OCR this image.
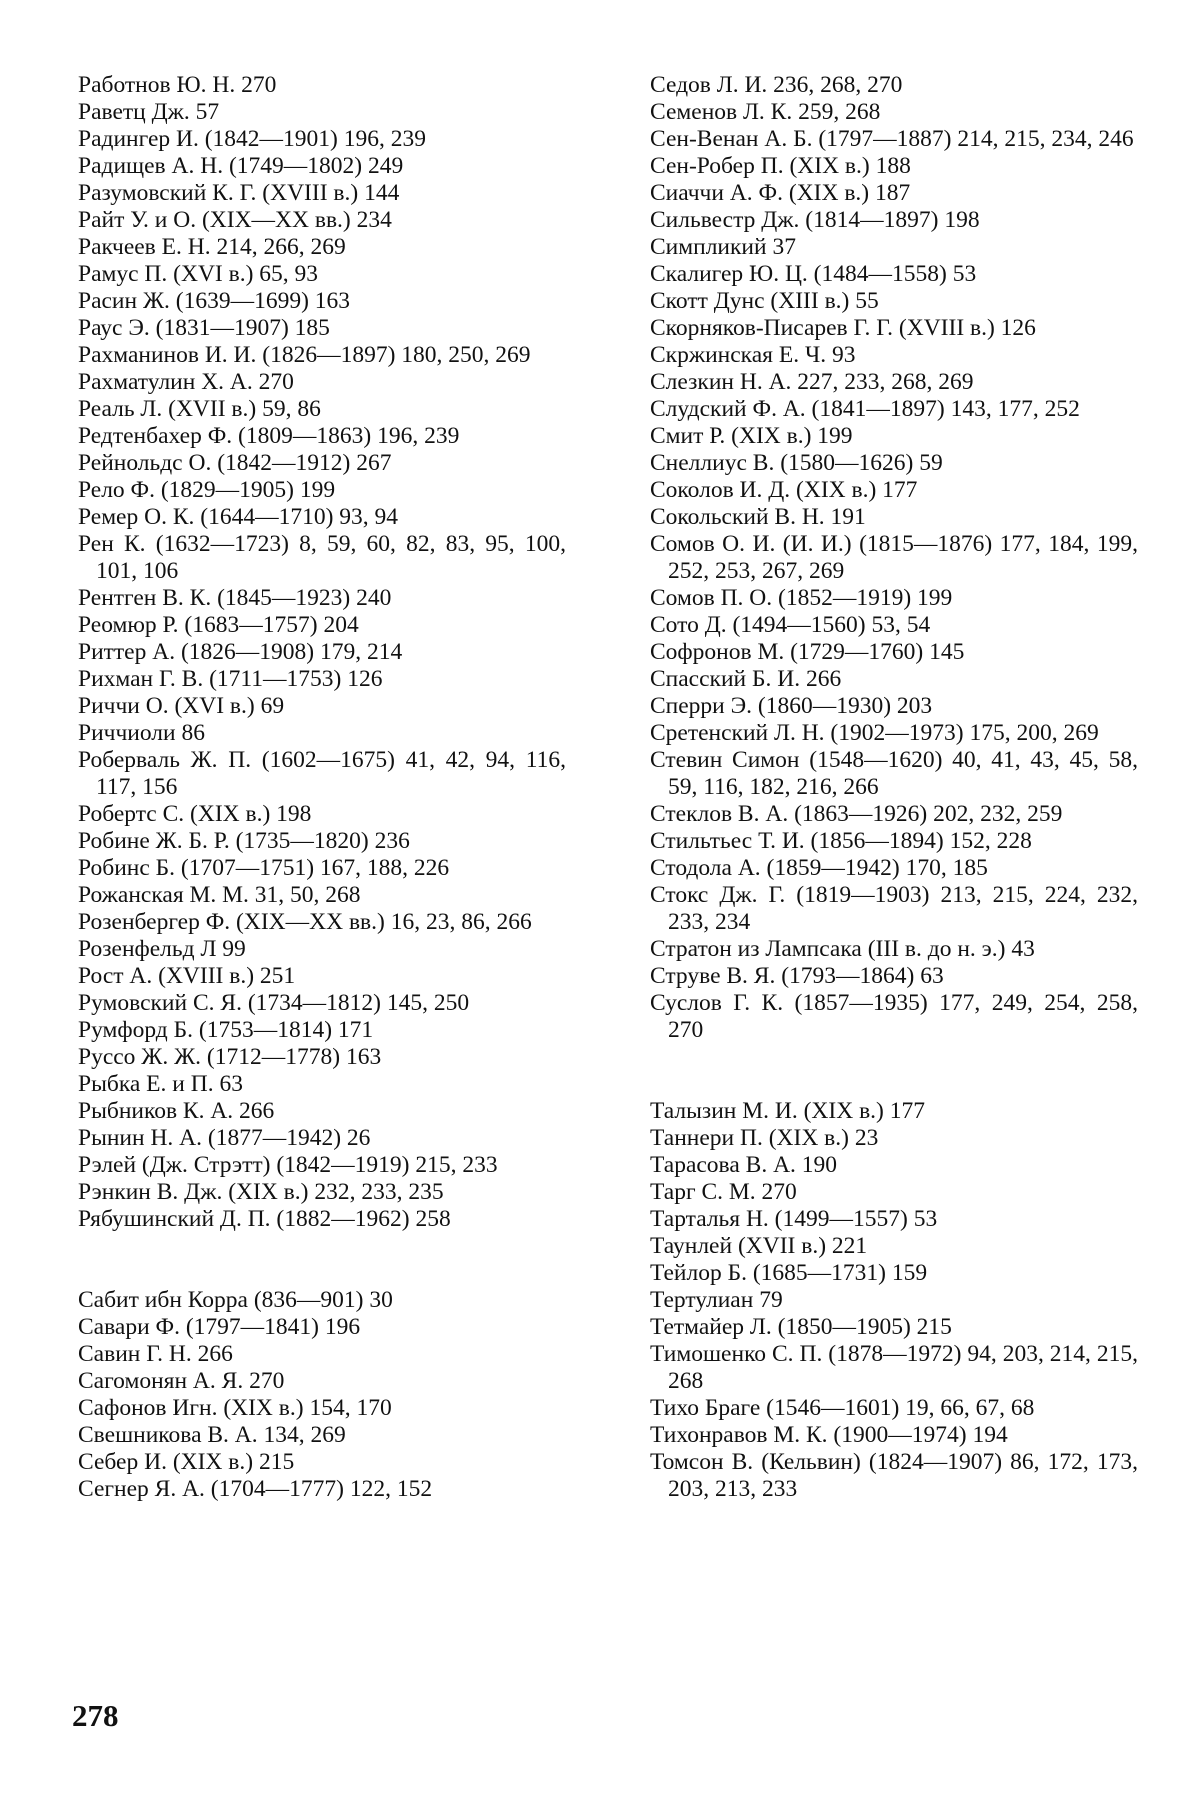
Работнов Ю. Н. 270

Раветц Дж. 57

Радингер И. (1842—1901) 196, 239

Радищев А. Н. (1749—1802) 249

Разумовский К. Г. (XVIII в.) 144

Райт У. и О. (XIX—XX вв.) 234

Ракчеев Е. Н. 214, 266, 269

Рамус П. (XVI в.) 65, 93

Расин Ж. (1639—1699) 163

Раус Э. (1831—1907) 185

Рахманинов И. И. (1826—1897) 180, 250, 269

Рахматулин Х. А. 270

Реаль Л. (XVII в.) 59, 86

Редтенбахер Ф. (1809—1863) 196, 239

Рейнольдс О. (1842—1912) 267

Рело Ф. (1829—1905) 199

Ремер О. К. (1644—1710) 93, 94

Рен К. (1632—1723) 8, 59, 60, 82, 83, 95, 100, 101, 106

Рентген В. К. (1845—1923) 240

Реомюр Р. (1683—1757) 204

Риттер А. (1826—1908) 179, 214

Рихман Г. В. (1711—1753) 126

Риччи О. (XVI в.) 69

Риччиоли 86

Роберваль Ж. П. (1602—1675) 41, 42, 94, 116, 117, 156

Робертс С. (XIX в.) 198

Робине Ж. Б. Р. (1735—1820) 236

Робинс Б. (1707—1751) 167, 188, 226

Рожанская М. М. 31, 50, 268

Розенбергер Ф. (XIX—XX вв.) 16, 23, 86, 266

Розенфельд Л 99

Рост А. (XVIII в.) 251

Румовский С. Я. (1734—1812) 145, 250

Румфорд Б. (1753—1814) 171

Руссо Ж. Ж. (1712—1778) 163

Рыбка Е. и П. 63

Рыбников К. А. 266

Рынин Н. А. (1877—1942) 26

Рэлей (Дж. Стрэтт) (1842—1919) 215, 233

Рэнкин В. Дж. (XIX в.) 232, 233, 235

Рябушинский Д. П. (1882—1962) 258

Сабит ибн Корра (836—901) 30

Савари Ф. (1797—1841) 196

Савин Г. Н. 266

Сагомонян А. Я. 270

Сафонов Игн. (XIX в.) 154, 170

Свешникова В. А. 134, 269

Себер И. (XIX в.) 215

Сегнер Я. А. (1704—1777) 122, 152

Седов Л. И. 236, 268, 270

Семенов Л. К. 259, 268

Сен-Венан А. Б. (1797—1887) 214, 215, 234, 246

Сен-Робер П. (XIX в.) 188

Сиаччи А. Ф. (XIX в.) 187

Сильвестр Дж. (1814—1897) 198

Симпликий 37

Скалигер Ю. Ц. (1484—1558) 53

Скотт Дунс (XIII в.) 55

Скорняков-Писарев Г. Г. (XVIII в.) 126

Скржинская Е. Ч. 93

Слезкин Н. А. 227, 233, 268, 269

Слудский Ф. А. (1841—1897) 143, 177, 252

Смит Р. (XIX в.) 199

Снеллиус В. (1580—1626) 59

Соколов И. Д. (XIX в.) 177

Сокольский В. Н. 191

Сомов О. И. (И. И.) (1815—1876) 177, 184, 199, 252, 253, 267, 269

Сомов П. О. (1852—1919) 199

Сото Д. (1494—1560) 53, 54

Софронов М. (1729—1760) 145

Спасский Б. И. 266

Сперри Э. (1860—1930) 203

Сретенский Л. Н. (1902—1973) 175, 200, 269

Стевин Симон (1548—1620) 40, 41, 43, 45, 58, 59, 116, 182, 216, 266

Стеклов В. А. (1863—1926) 202, 232, 259

Стильтьес Т. И. (1856—1894) 152, 228

Стодола А. (1859—1942) 170, 185

Стокс Дж. Г. (1819—1903) 213, 215, 224, 232, 233, 234

Стратон из Лампсака (III в. до н. э.) 43

Струве В. Я. (1793—1864) 63

Суслов Г. К. (1857—1935) 177, 249, 254, 258, 270

Талызин М. И. (XIX в.) 177

Таннери П. (XIX в.) 23

Тарасова В. А. 190

Тарг С. М. 270

Тарталья Н. (1499—1557) 53

Таунлей (XVII в.) 221

Тейлор Б. (1685—1731) 159

Тертулиан 79

Тетмайер Л. (1850—1905) 215

Тимошенко С. П. (1878—1972) 94, 203, 214, 215, 268

Тихо Браге (1546—1601) 19, 66, 67, 68

Тихонравов М. К. (1900—1974) 194

Томсон В. (Кельвин) (1824—1907) 86, 172, 173, 203, 213, 233

278
